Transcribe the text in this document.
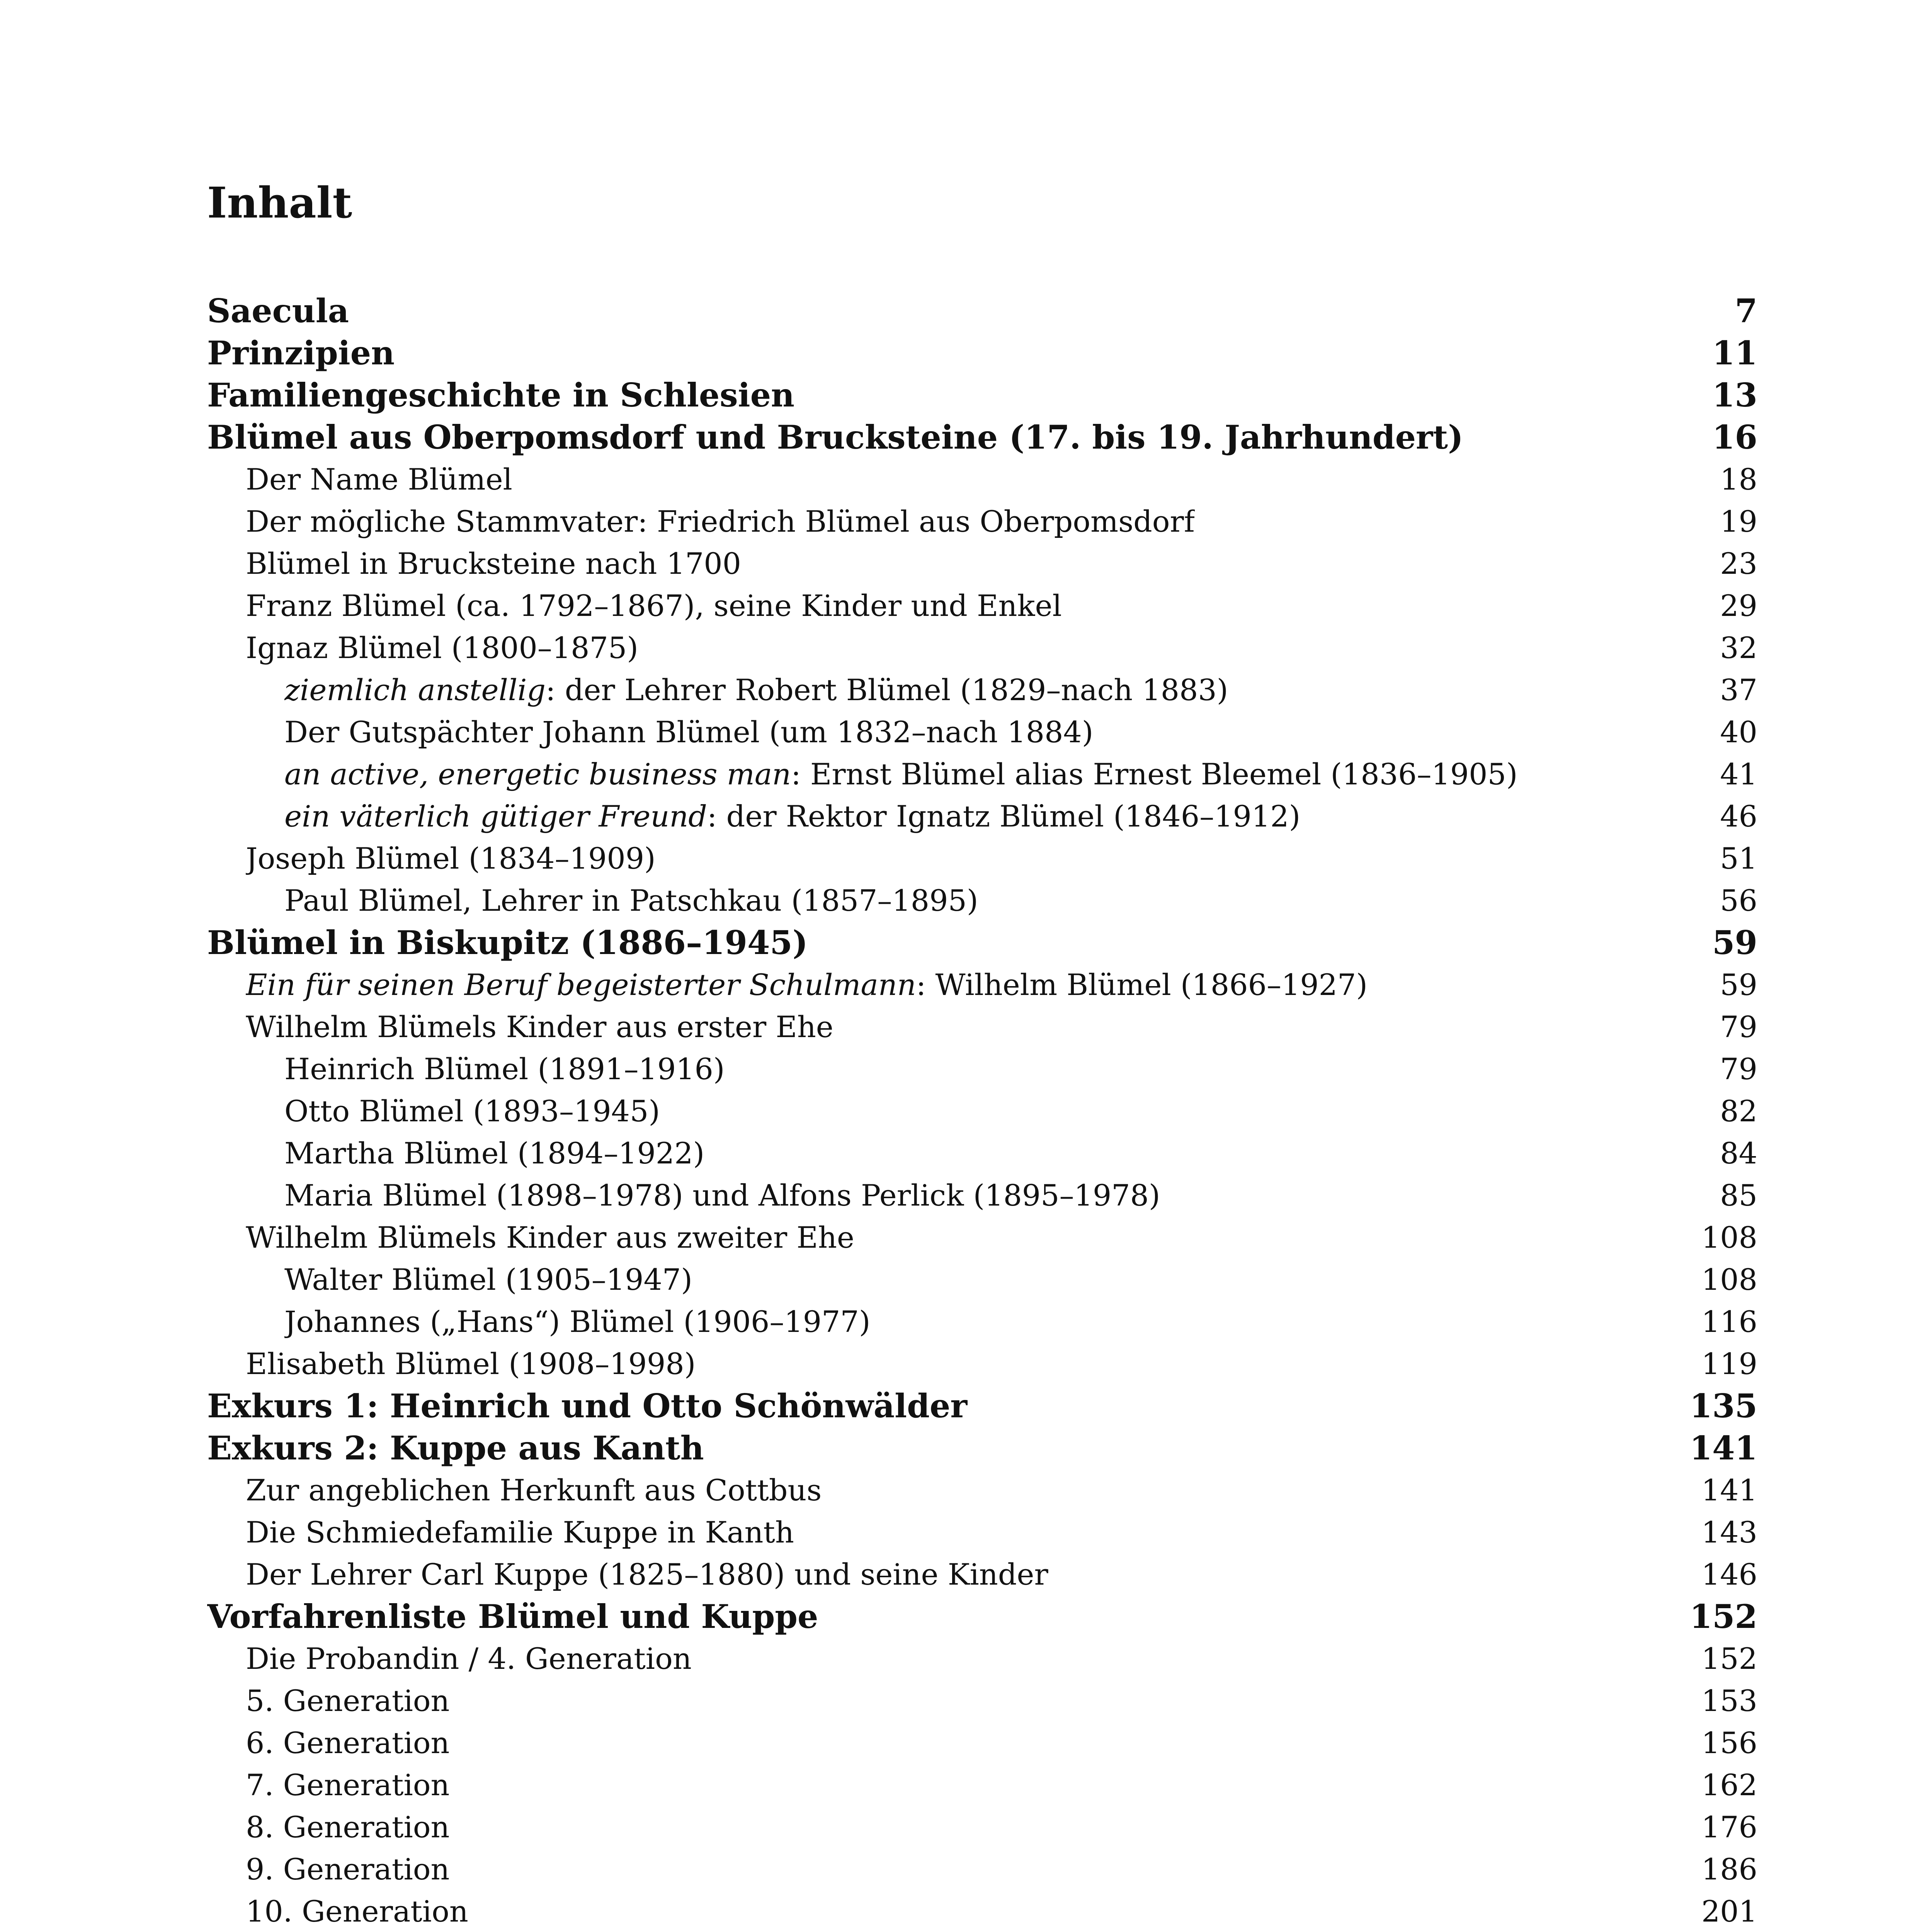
Inhalt
Saecula	7
Prinzipien	11
Familiengeschichte in Schlesien	13
Blümel aus Oberpomsdorf und Brucksteine (17. bis 19. Jahrhundert)	16
Der Name Blümel	18
Der mögliche Stammvater: Friedrich Blümel aus Oberpomsdorf	19
Blümel in Brucksteine nach 1700	23
Franz Blümel (ca. 1792–1867), seine Kinder und Enkel	29
Ignaz Blümel (1800–1875)	32
ziemlich anstellig: der Lehrer Robert Blümel (1829–nach 1883)	37
Der Gutspächter Johann Blümel (um 1832–nach 1884)	40
an active, energetic business man: Ernst Blümel alias Ernest Bleemel (1836–1905)	41
ein väterlich gütiger Freund: der Rektor Ignatz Blümel (1846–1912)	46
Joseph Blümel (1834–1909)	51
Paul Blümel, Lehrer in Patschkau (1857–1895)	56
Blümel in Biskupitz (1886–1945)	59
Ein für seinen Beruf begeisterter Schulmann: Wilhelm Blümel (1866–1927)	59
Wilhelm Blümels Kinder aus erster Ehe	79
Heinrich Blümel (1891–1916)	79
Otto Blümel (1893–1945)	82
Martha Blümel (1894–1922)	84
Maria Blümel (1898–1978) und Alfons Perlick (1895–1978)	85
Wilhelm Blümels Kinder aus zweiter Ehe	108
Walter Blümel (1905–1947)	108
Johannes („Hans“) Blümel (1906–1977)	116
Elisabeth Blümel (1908–1998)	119
Exkurs 1: Heinrich und Otto Schönwälder	135
Exkurs 2: Kuppe aus Kanth	141
Zur angeblichen Herkunft aus Cottbus	141
Die Schmiedefamilie Kuppe in Kanth	143
Der Lehrer Carl Kuppe (1825–1880) und seine Kinder	146
Vorfahrenliste Blümel und Kuppe	152
Die Probandin / 4. Generation	152
5. Generation	153
6. Generation	156
7. Generation	162
8. Generation	176
9. Generation	186
10. Generation	201
